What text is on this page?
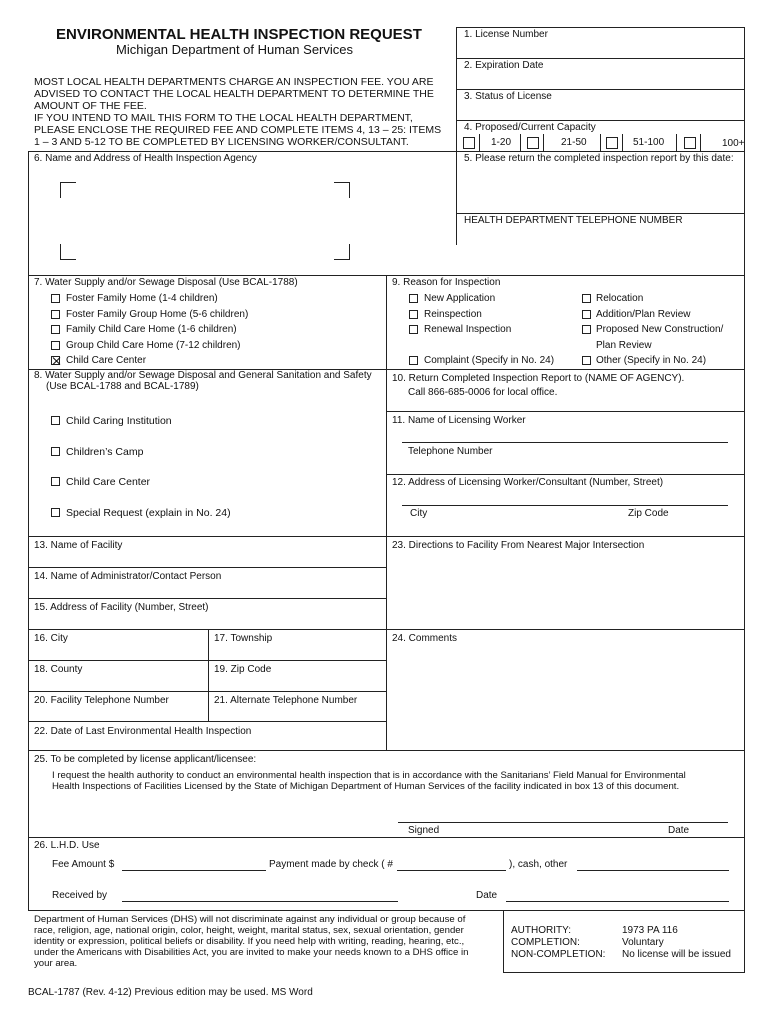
ENVIRONMENTAL HEALTH INSPECTION REQUEST
Michigan Department of Human Services
MOST LOCAL HEALTH DEPARTMENTS CHARGE AN INSPECTION FEE. YOU ARE
ADVISED TO CONTACT THE LOCAL HEALTH DEPARTMENT TO DETERMINE THE
AMOUNT OF THE FEE.
IF YOU INTEND TO MAIL THIS FORM TO THE LOCAL HEALTH DEPARTMENT,
PLEASE ENCLOSE THE REQUIRED FEE AND COMPLETE ITEMS 4, 13 – 25: ITEMS
1 – 3 AND 5-12 TO BE COMPLETED BY LICENSING WORKER/CONSULTANT.
1. License Number
2. Expiration Date
3. Status of License
4. Proposed/Current Capacity
1-20	21-50	51-100	100+
5. Please return the completed inspection report by this date:
HEALTH DEPARTMENT TELEPHONE NUMBER
6. Name and Address of Health Inspection Agency
7. Water Supply and/or Sewage Disposal (Use BCAL-1788)
Foster Family Home (1-4 children)
Foster Family Group Home (5-6 children)
Family Child Care Home (1-6 children)
Group Child Care Home (7-12 children)
Child Care Center
8. Water Supply and/or Sewage Disposal and General Sanitation and Safety
(Use BCAL-1788 and BCAL-1789)
Child Caring Institution
Children’s Camp
Child Care Center
Special Request (explain in No. 24)
9. Reason for Inspection
New Application
Reinspection
Renewal Inspection
Complaint (Specify in No. 24)
Relocation
Addition/Plan Review
Proposed New Construction/
Plan Review
Other (Specify in No. 24)
10. Return Completed Inspection Report to (NAME OF AGENCY).
Call 866-685-0006 for local office.
11. Name of Licensing Worker
Telephone Number
12. Address of Licensing Worker/Consultant (Number, Street)
City	Zip Code
13. Name of Facility
14. Name of Administrator/Contact Person
15. Address of Facility (Number, Street)
16. City	17. Township
18. County	19. Zip Code
20. Facility Telephone Number	21. Alternate Telephone Number
22. Date of Last Environmental Health Inspection
23. Directions to Facility From Nearest Major Intersection
24. Comments
25. To be completed by license applicant/licensee:
I request the health authority to conduct an environmental health inspection that is in accordance with the Sanitarians’ Field Manual for Environmental
Health Inspections of Facilities Licensed by the State of Michigan Department of Human Services of the facility indicated in box 13 of this document.
Signed	Date
26. L.H.D. Use
Fee Amount $	Payment made by check ( #	), cash, other
Received by	Date
Department of Human Services (DHS) will not discriminate against any individual or group because of
race, religion, age, national origin, color, height, weight, marital status, sex, sexual orientation, gender
identity or expression, political beliefs or disability. If you need help with writing, reading, hearing, etc.,
under the Americans with Disabilities Act, you are invited to make your needs known to a DHS office in
your area.
AUTHORITY:	1973 PA 116
COMPLETION:	Voluntary
NON-COMPLETION: No license will be issued
BCAL-1787 (Rev. 4-12) Previous edition may be used. MS Word
